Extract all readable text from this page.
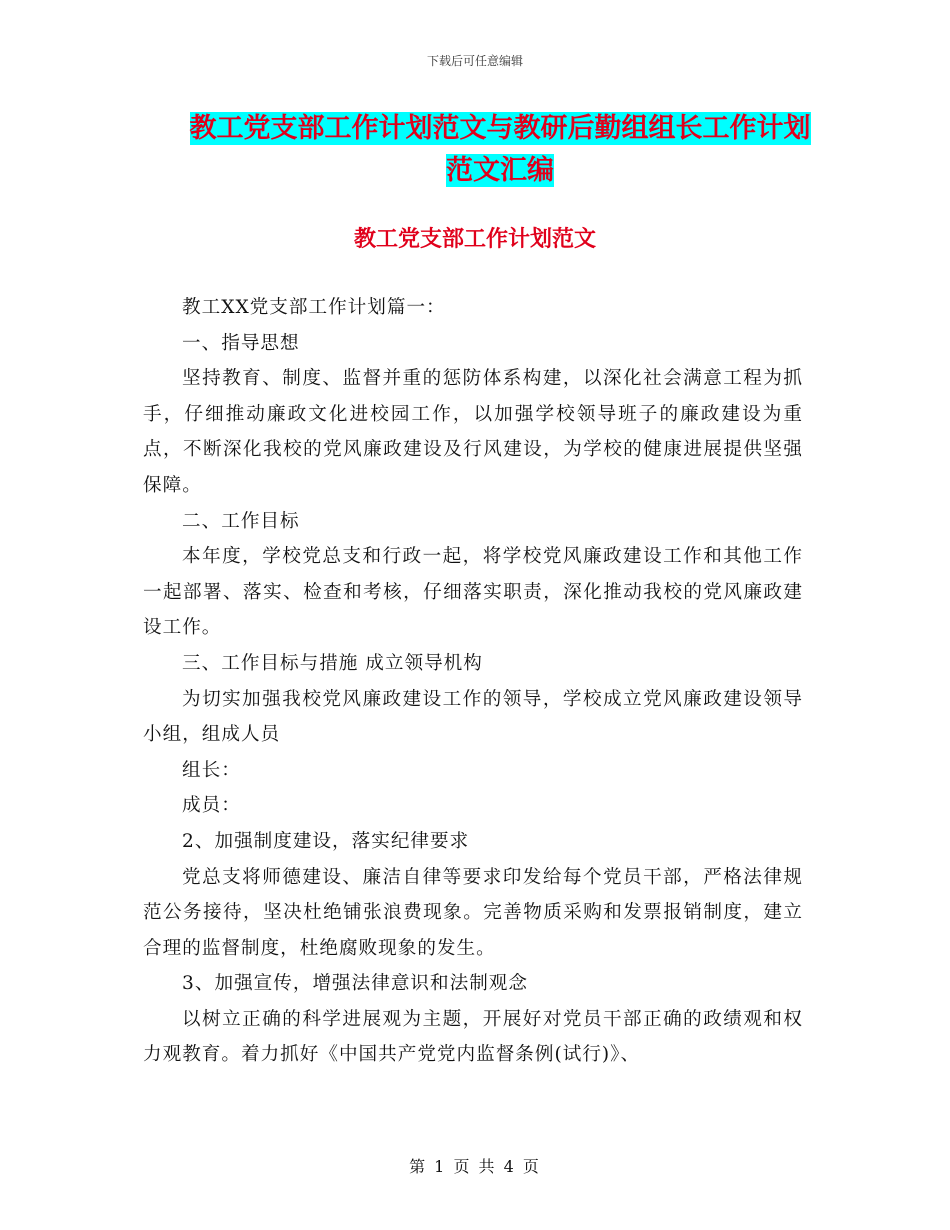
下载后可任意编辑
教工党支部工作计划范文与教研后勤组组长工作计划
范文汇编
教工党支部工作计划范文

教工XX党支部工作计划篇一：

一、指导思想

坚持教育、制度、监督并重的惩防体系构建，以深化社会满意工程为抓手，仔细推动廉政文化进校园工作，以加强学校领导班子的廉政建设为重点，不断深化我校的党风廉政建设及行风建设，为学校的健康进展提供坚强保障。

二、工作目标

本年度，学校党总支和行政一起，将学校党风廉政建设工作和其他工作一起部署、落实、检查和考核，仔细落实职责，深化推动我校的党风廉政建设工作。

三、工作目标与措施 成立领导机构

为切实加强我校党风廉政建设工作的领导，学校成立党风廉政建设领导小组，组成人员

组长：

成员：

2、加强制度建设，落实纪律要求

党总支将师德建设、廉洁自律等要求印发给每个党员干部，严格法律规范公务接待，坚决杜绝铺张浪费现象。完善物质采购和发票报销制度，建立合理的监督制度，杜绝腐败现象的发生。

3、加强宣传，增强法律意识和法制观念

以树立正确的科学进展观为主题，开展好对党员干部正确的政绩观和权力观教育。着力抓好《中国共产党党内监督条例(试行)》、

第 1 页 共 4 页
